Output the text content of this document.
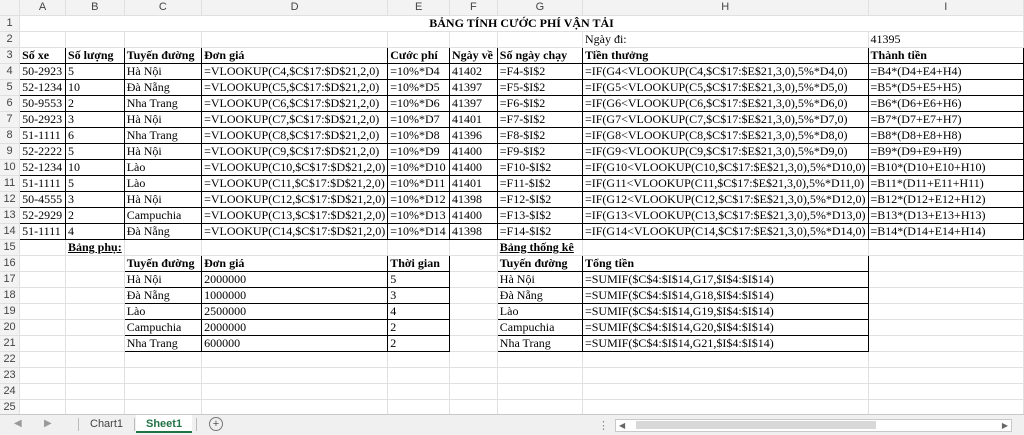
	A	B	C	D	E	F	G	H	I
1	BẢNG TÍNH CƯỚC PHÍ VẬN TẢI								
2								Ngày đi:	41395
3	Số xe	Số lượng	Tuyến đường	Đơn giá	Cước phí	Ngày về	Số ngày chạy	Tiền thưởng	Thành tiền
4	50-2923	5	Hà Nội	=VLOOKUP(C4,$C$17:$D$21,2,0)	=10%*D4	41402	=F4-$I$2	=IF(G4<VLOOKUP(C4,$C$17:$E$21,3,0),5%*D4,0)	=B4*(D4+E4+H4)
5	52-1234	10	Đà Nẵng	=VLOOKUP(C5,$C$17:$D$21,2,0)	=10%*D5	41397	=F5-$I$2	=IF(G5<VLOOKUP(C5,$C$17:$E$21,3,0),5%*D5,0)	=B5*(D5+E5+H5)
6	50-9553	2	Nha Trang	=VLOOKUP(C6,$C$17:$D$21,2,0)	=10%*D6	41397	=F6-$I$2	=IF(G6<VLOOKUP(C6,$C$17:$E$21,3,0),5%*D6,0)	=B6*(D6+E6+H6)
7	50-2923	3	Hà Nội	=VLOOKUP(C7,$C$17:$D$21,2,0)	=10%*D7	41401	=F7-$I$2	=IF(G7<VLOOKUP(C7,$C$17:$E$21,3,0),5%*D7,0)	=B7*(D7+E7+H7)
8	51-1111	6	Nha Trang	=VLOOKUP(C8,$C$17:$D$21,2,0)	=10%*D8	41396	=F8-$I$2	=IF(G8<VLOOKUP(C8,$C$17:$E$21,3,0),5%*D8,0)	=B8*(D8+E8+H8)
9	52-2222	5	Hà Nội	=VLOOKUP(C9,$C$17:$D$21,2,0)	=10%*D9	41400	=F9-$I$2	=IF(G9<VLOOKUP(C9,$C$17:$E$21,3,0),5%*D9,0)	=B9*(D9+E9+H9)
10	52-1234	10	Lào	=VLOOKUP(C10,$C$17:$D$21,2,0)	=10%*D10	41400	=F10-$I$2	=IF(G10<VLOOKUP(C10,$C$17:$E$21,3,0),5%*D10,0)	=B10*(D10+E10+H10)
11	51-1111	5	Lào	=VLOOKUP(C11,$C$17:$D$21,2,0)	=10%*D11	41401	=F11-$I$2	=IF(G11<VLOOKUP(C11,$C$17:$E$21,3,0),5%*D11,0)	=B11*(D11+E11+H11)
12	50-4555	3	Hà Nội	=VLOOKUP(C12,$C$17:$D$21,2,0)	=10%*D12	41398	=F12-$I$2	=IF(G12<VLOOKUP(C12,$C$17:$E$21,3,0),5%*D12,0)	=B12*(D12+E12+H12)
13	52-2929	2	Campuchia	=VLOOKUP(C13,$C$17:$D$21,2,0)	=10%*D13	41400	=F13-$I$2	=IF(G13<VLOOKUP(C13,$C$17:$E$21,3,0),5%*D13,0)	=B13*(D13+E13+H13)
14	51-1111	4	Đà Nẵng	=VLOOKUP(C14,$C$17:$D$21,2,0)	=10%*D14	41398	=F14-$I$2	=IF(G14<VLOOKUP(C14,$C$17:$E$21,3,0),5%*D14,0)	=B14*(D14+E14+H14)
15		Bảng phụ:					Bảng thống kê		
16			Tuyến đường	Đơn giá	Thời gian		Tuyến đường	Tổng tiền	
17			Hà Nội	2000000	5		Hà Nội	=SUMIF($C$4:$I$14,G17,$I$4:$I$14)	
18			Đà Nẵng	1000000	3		Đà Nẵng	=SUMIF($C$4:$I$14,G18,$I$4:$I$14)	
19			Lào	2500000	4		Lào	=SUMIF($C$4:$I$14,G19,$I$4:$I$14)	
20			Campuchia	2000000	2		Campuchia	=SUMIF($C$4:$I$14,G20,$I$4:$I$14)	
21			Nha Trang	600000	2		Nha Trang	=SUMIF($C$4:$I$14,G21,$I$4:$I$14)	
22									
23									
24									
25									
◀ ▶	Chart1	Sheet1	+	⋮ ◀	▶
